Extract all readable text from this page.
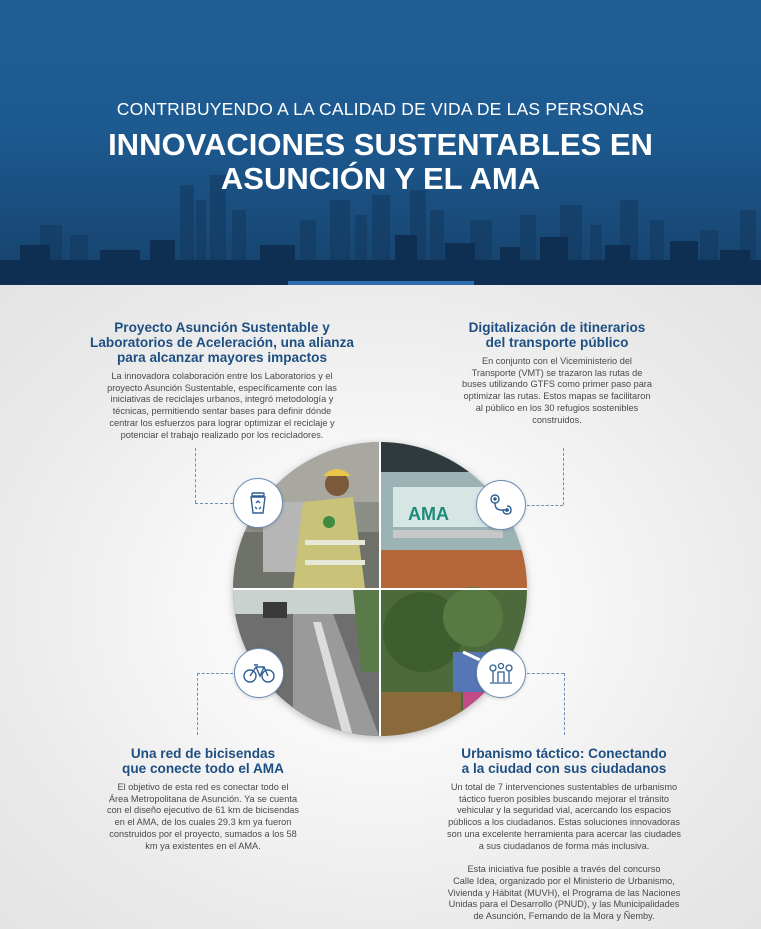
CONTRIBUYENDO A LA CALIDAD DE VIDA DE LAS PERSONAS
INNOVACIONES SUSTENTABLES EN
ASUNCIÓN Y EL AMA
Proyecto Asunción Sustentable y
Laboratorios de Aceleración, una alianza
para alcanzar mayores impactos

La innovadora colaboración entre los Laboratorios y el
proyecto Asunción Sustentable, específicamente con las
iniciativas de reciclajes urbanos, integró metodología y
técnicas, permitiendo sentar bases para definir dónde
centrar los esfuerzos para lograr optimizar el reciclaje y
potenciar el trabajo realizado por los recicladores.

Digitalización de itinerarios
del transporte público

En conjunto con el Viceministerio del
Transporte (VMT) se trazaron las rutas de
buses utilizando GTFS como primer paso para
optimizar las rutas. Estos mapas se facilitaron
al público en los 30 refugios sostenibles
construidos.

Una red de bicisendas
que conecte todo el AMA

El objetivo de esta red es conectar todo el
Área Metropolitana de Asunción. Ya se cuenta
con el diseño ejecutivo de 61 km de bicisendas
en el AMA, de los cuales 29.3 km ya fueron
construidos por el proyecto, sumados a los 58
km ya existentes en el AMA.

Urbanismo táctico: Conectando
a la ciudad con sus ciudadanos

Un total de 7 intervenciones sustentables de urbanismo
táctico fueron posibles buscando mejorar el tránsito
vehicular y la seguridad vial, acercando los espacios
públicos a los ciudadanos. Estas soluciones innovadoras
son una excelente herramienta para acercar las ciudades
a sus ciudadanos de forma más inclusiva.

Esta iniciativa fue posible a través del concurso
Calle Idea, organizado por el Ministerio de Urbanismo,
Vivienda y Hábitat (MUVH), el Programa de las Naciones
Unidas para el Desarrollo (PNUD), y las Municipalidades
de Asunción, Fernando de la Mora y Ñemby.

AMA
